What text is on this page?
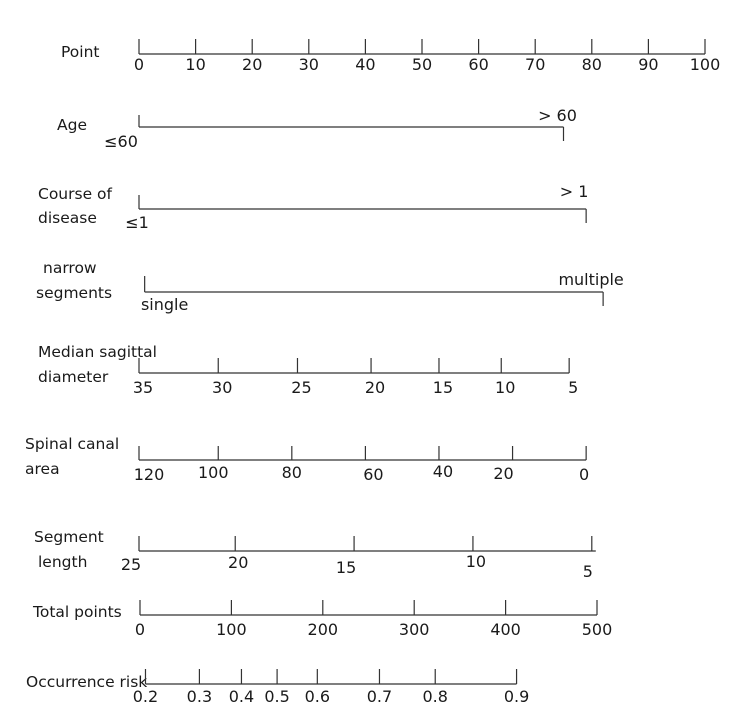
Point
0	10 20 30 40 50 60 70 80 90 100
Age
≤60
> 60
Course of
disease ≤1
> 1
narrow
segments
single
multiple
Median sagittal
diameter
35	30	25	20	15	10	5
Spinal canal
area	120 100	80	60	40	20	0
Segment
length 25	20	15	10
5
Total points
0	100	200	300	400	500
Occurrence risk
0.2 0.3 0.4 0.5 0.6 0.7 0.8	0.9
